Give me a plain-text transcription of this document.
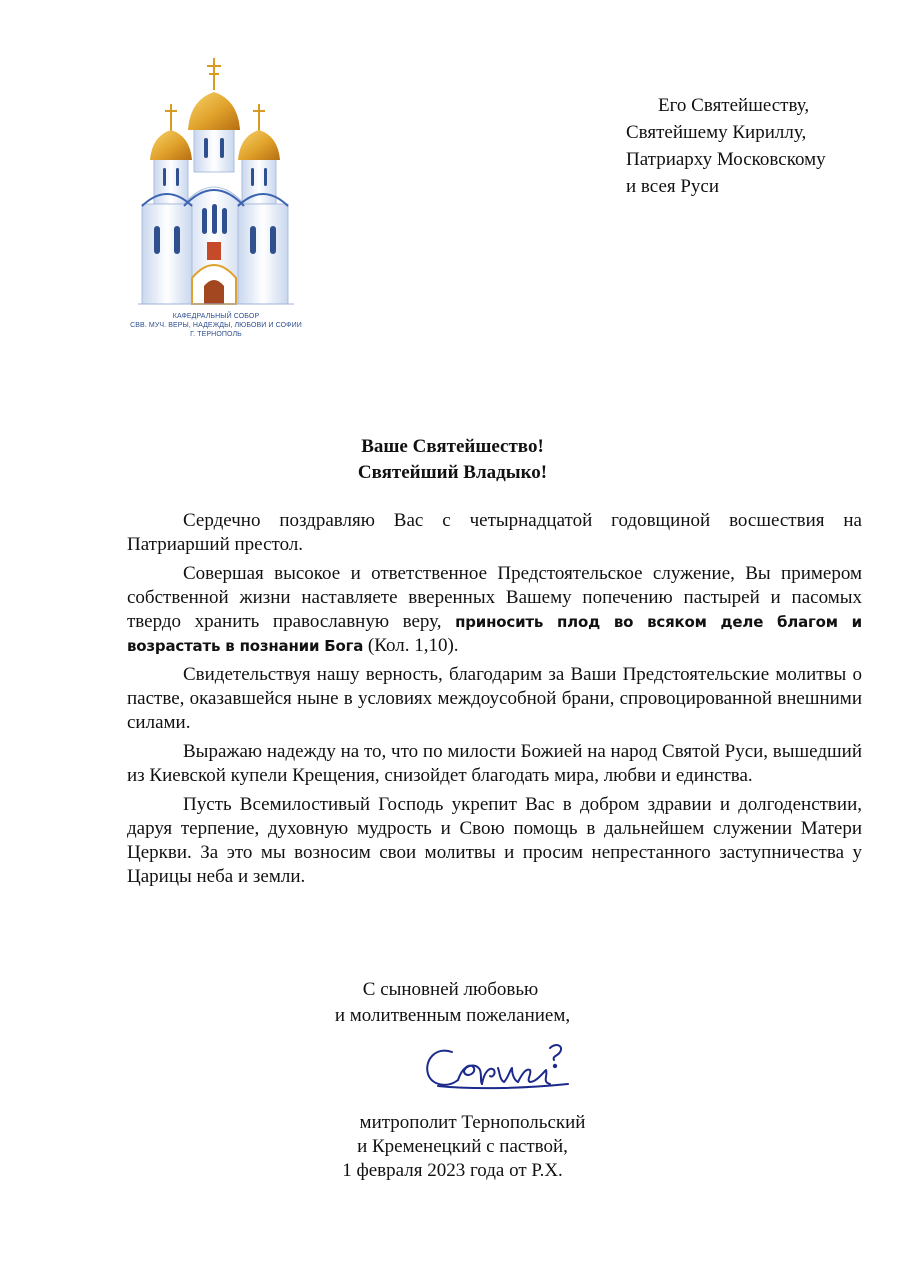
КАФЕДРАЛЬНЫЙ СОБОР
СВВ. МУЧ. ВЕРЫ, НАДЕЖДЫ, ЛЮБОВИ И СОФИИ
Г. ТЕРНОПОЛЬ
Его Святейшеству,
Святейшему Кириллу,
Патриарху Московскому
и всея Руси
Ваше Святейшество!
Святейший Владыко!

Сердечно поздравляю Вас с четырнадцатой годовщиной восшествия на Патриарший престол.

Совершая высокое и ответственное Предстоятельское служение, Вы примером собственной жизни наставляете вверенных Вашему попечению пастырей и пасомых твердо хранить православную веру, приносить плод во всяком деле благом и возрастать в познании Бога (Кол. 1,10).

Свидетельствуя нашу верность, благодарим за Ваши Предстоятельские молитвы о пастве, оказавшейся ныне в условиях междоусобной брани, спровоцированной внешними силами.

Выражаю надежду на то, что по милости Божией на народ Святой Руси, вышедший из Киевской купели Крещения, снизойдет благодать мира, любви и единства.

Пусть Всемилостивый Господь укрепит Вас в добром здравии и долгоденствии, даруя терпение, духовную мудрость и Свою помощь в дальнейшем служении Матери Церкви. За это мы возносим свои молитвы и просим непрестанного заступничества у Царицы неба и земли.

С сыновней любовью
и молитвенным пожеланием,
митрополит Тернопольский
и Кременецкий с паствой,
1 февраля 2023 года от Р.Х.
